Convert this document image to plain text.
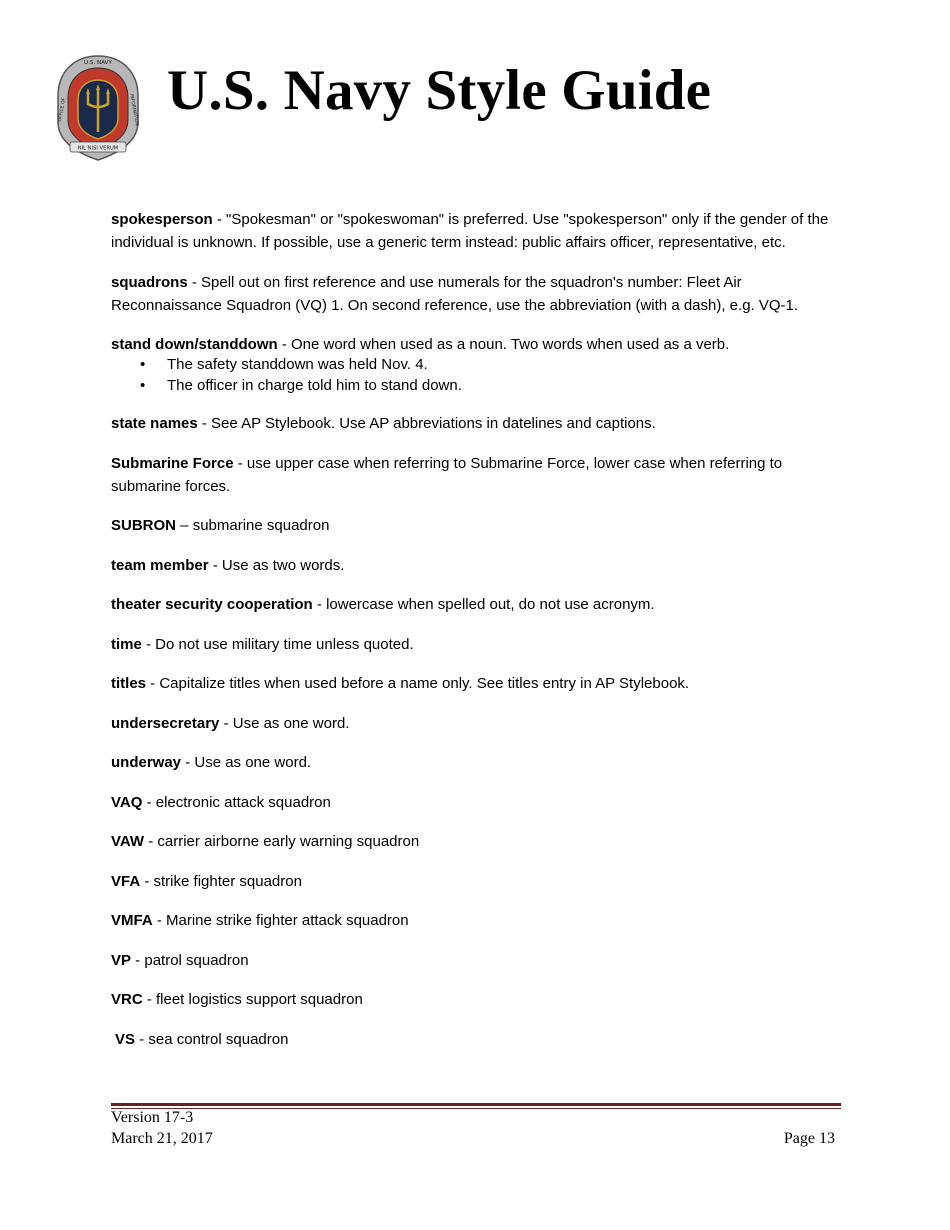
NIL NISI VERUM
U.S. NAVY
OFFICE OF	INFORMATION U.S. Navy Style Guide

spokesperson - "Spokesman" or "spokeswoman" is preferred. Use "spokesperson" only if the gender of the individual is unknown. If possible, use a generic term instead: public affairs officer, representative, etc.

squadrons - Spell out on first reference and use numerals for the squadron's number: Fleet Air Reconnaissance Squadron (VQ) 1. On second reference, use the abbreviation (with a dash), e.g. VQ-1.

stand down/standdown - One word when used as a noun. Two words when used as a verb.

• The safety standdown was held Nov. 4.
• The officer in charge told him to stand down.

state names - See AP Stylebook. Use AP abbreviations in datelines and captions.

Submarine Force - use upper case when referring to Submarine Force, lower case when referring to submarine forces.

SUBRON – submarine squadron

team member - Use as two words.

theater security cooperation - lowercase when spelled out, do not use acronym.

time - Do not use military time unless quoted.

titles - Capitalize titles when used before a name only. See titles entry in AP Stylebook.

undersecretary - Use as one word.

underway - Use as one word.

VAQ - electronic attack squadron

VAW - carrier airborne early warning squadron

VFA - strike fighter squadron

VMFA - Marine strike fighter attack squadron

VP - patrol squadron

VRC - fleet logistics support squadron

VS - sea control squadron

Version 17-3
March 21, 2017	Page 13
